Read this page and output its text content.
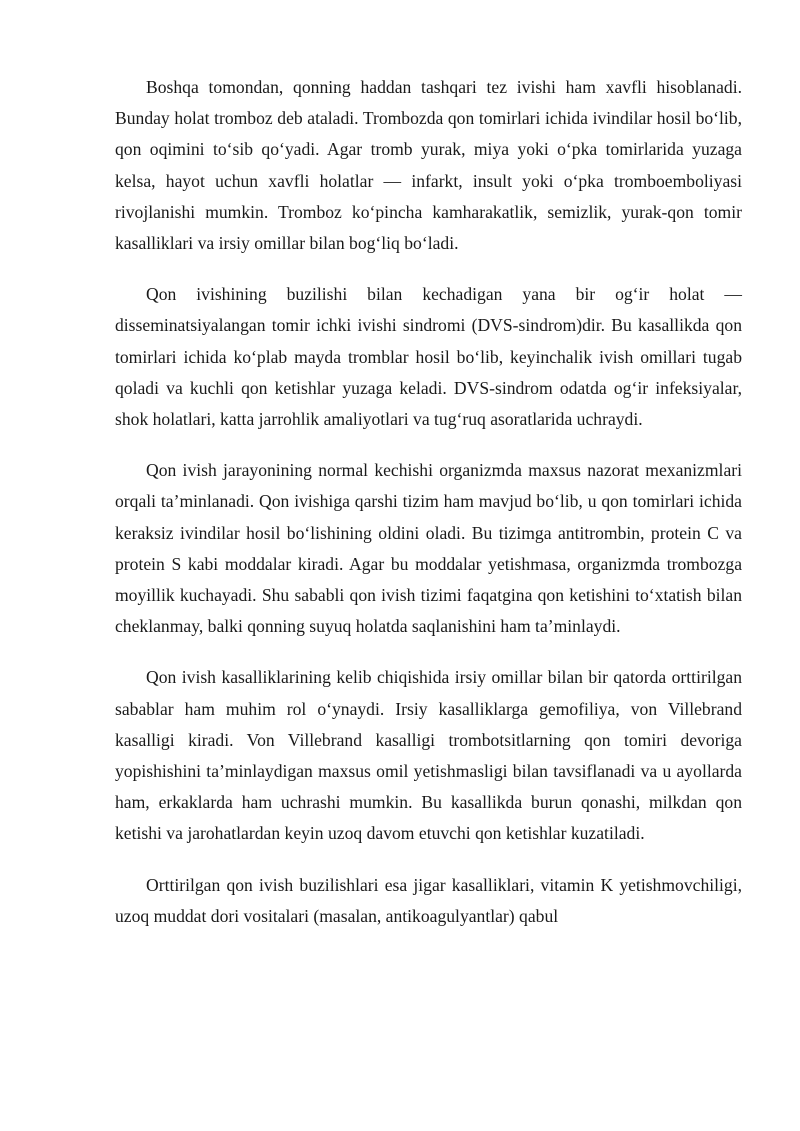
Boshqa tomondan, qonning haddan tashqari tez ivishi ham xavfli hisoblanadi. Bunday holat tromboz deb ataladi. Trombozda qon tomirlari ichida ivindilar hosil bo‘lib, qon oqimini to‘sib qo‘yadi. Agar tromb yurak, miya yoki o‘pka tomirlarida yuzaga kelsa, hayot uchun xavfli holatlar — infarkt, insult yoki o‘pka tromboemboliyasi rivojlanishi mumkin. Tromboz ko‘pincha kamharakatlik, semizlik, yurak-qon tomir kasalliklari va irsiy omillar bilan bog‘liq bo‘ladi.

Qon ivishining buzilishi bilan kechadigan yana bir og‘ir holat — disseminatsiyalangan tomir ichki ivishi sindromi (DVS-sindrom)dir. Bu kasallikda qon tomirlari ichida ko‘plab mayda tromblar hosil bo‘lib, keyinchalik ivish omillari tugab qoladi va kuchli qon ketishlar yuzaga keladi. DVS-sindrom odatda og‘ir infeksiyalar, shok holatlari, katta jarrohlik amaliyotlari va tug‘ruq asoratlarida uchraydi.

Qon ivish jarayonining normal kechishi organizmda maxsus nazorat mexanizmlari orqali ta’minlanadi. Qon ivishiga qarshi tizim ham mavjud bo‘lib, u qon tomirlari ichida keraksiz ivindilar hosil bo‘lishining oldini oladi. Bu tizimga antitrombin, protein C va protein S kabi moddalar kiradi. Agar bu moddalar yetishmasa, organizmda trombozga moyillik kuchayadi. Shu sababli qon ivish tizimi faqatgina qon ketishini to‘xtatish bilan cheklanmay, balki qonning suyuq holatda saqlanishini ham ta’minlaydi.

Qon ivish kasalliklarining kelib chiqishida irsiy omillar bilan bir qatorda orttirilgan sabablar ham muhim rol o‘ynaydi. Irsiy kasalliklarga gemofiliya, von Villebrand kasalligi kiradi. Von Villebrand kasalligi trombotsitlarning qon tomiri devoriga yopishishini ta’minlaydigan maxsus omil yetishmasligi bilan tavsiflanadi va u ayollarda ham, erkaklarda ham uchrashi mumkin. Bu kasallikda burun qonashi, milkdan qon ketishi va jarohatlardan keyin uzoq davom etuvchi qon ketishlar kuzatiladi.

Orttirilgan qon ivish buzilishlari esa jigar kasalliklari, vitamin K yetishmovchiligi, uzoq muddat dori vositalari (masalan, antikoagulyantlar) qabul
